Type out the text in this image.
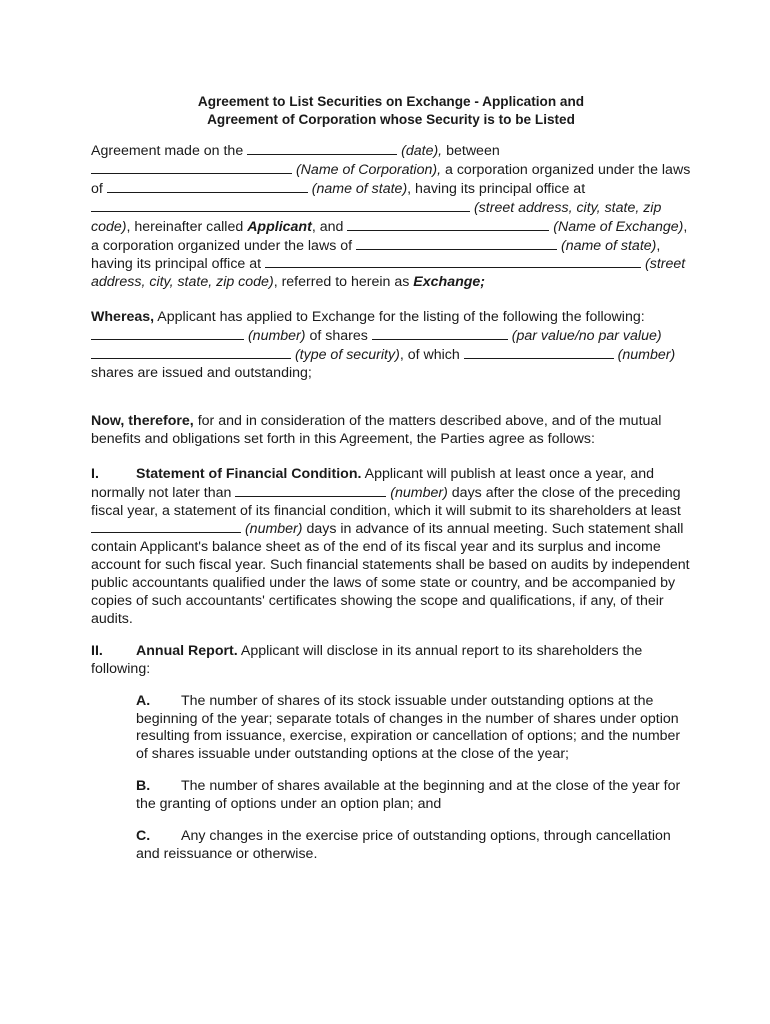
Agreement to List Securities on Exchange - Application and
Agreement of Corporation whose Security is to be Listed

Agreement made on the	(date), between  (Name of Corporation), a corporation organized under the laws of	(name of state), having its principal office at  (street address, city, state, zip code), hereinafter called Applicant, and	(Name of Exchange), a corporation organized under the laws of	(name of state), having its principal office at	(street address, city, state, zip code), referred to herein as Exchange;

Whereas, Applicant has applied to Exchange for the listing of the following the following:  (number) of shares	(par value/no par value)  (type of security), of which	(number) shares are issued and outstanding;

Now, therefore, for and in consideration of the matters described above, and of the mutual benefits and obligations set forth in this Agreement, the Parties agree as follows:

I.	Statement of Financial Condition. Applicant will publish at least once a year, and normally not later than	(number) days after the close of the preceding fiscal year, a statement of its financial condition, which it will submit to its shareholders at least  (number) days in advance of its annual meeting. Such statement shall contain Applicant's balance sheet as of the end of its fiscal year and its surplus and income account for such fiscal year. Such financial statements shall be based on audits by independent public accountants qualified under the laws of some state or country, and be accompanied by copies of such accountants' certificates showing the scope and qualifications, if any, of their audits.

II. Annual Report. Applicant will disclose in its annual report to its shareholders the following:

A. The number of shares of its stock issuable under outstanding options at the beginning of the year; separate totals of changes in the number of shares under option resulting from issuance, exercise, expiration or cancellation of options; and the number of shares issuable under outstanding options at the close of the year;

B. The number of shares available at the beginning and at the close of the year for the granting of options under an option plan; and

C. Any changes in the exercise price of outstanding options, through cancellation and reissuance or otherwise.
